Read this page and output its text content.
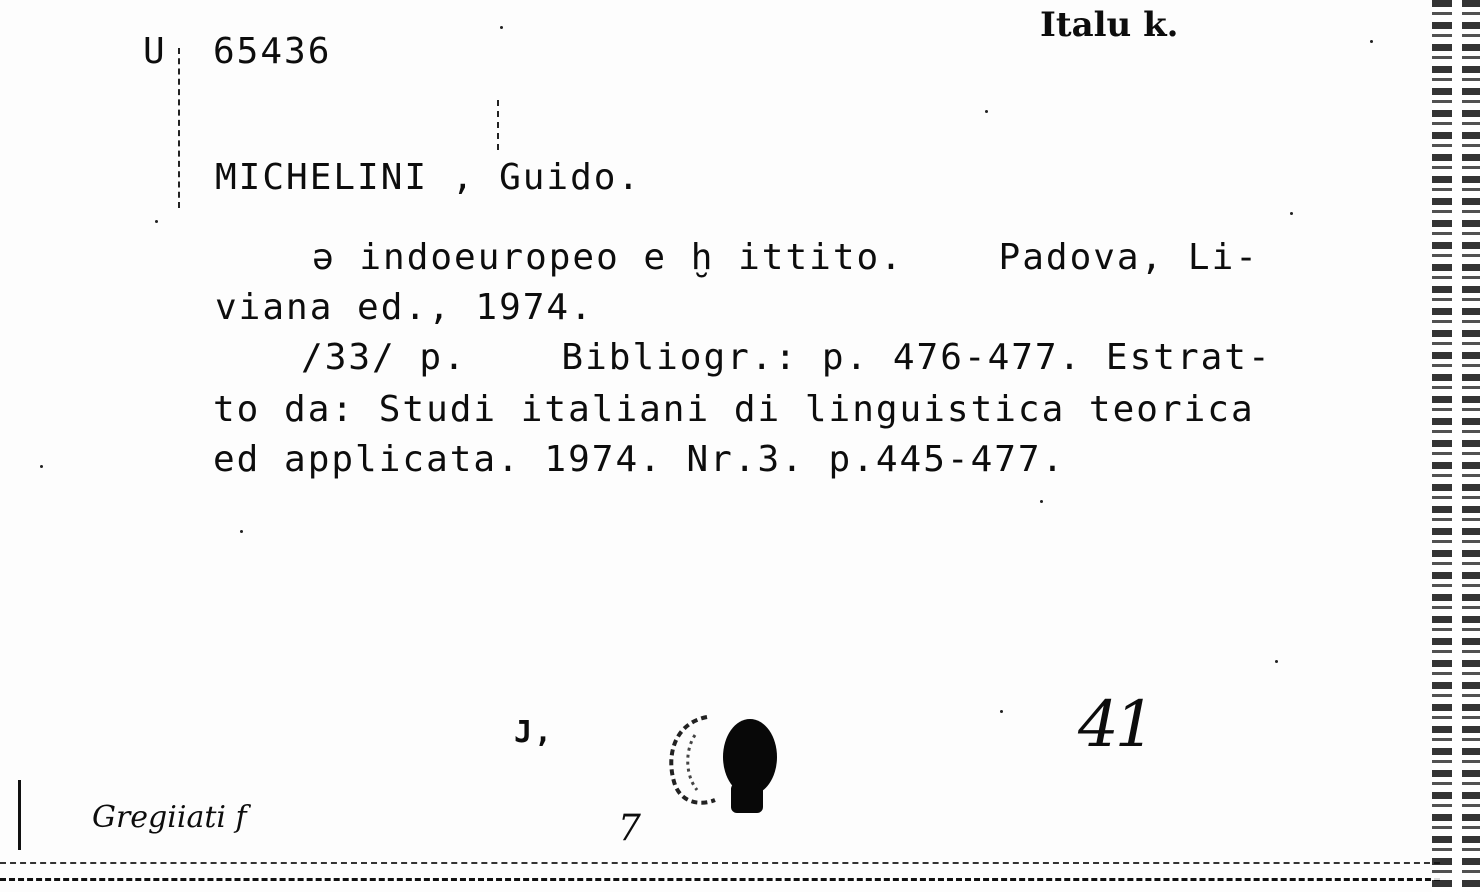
U 65436
Italu k.
MICHELINI , Guido.
ə indoeuropeo e ḫ ittito.    Padova, Li-
viana ed., 1974.
/33/ p.    Bibliogr.: p. 476-477. Estrat-
to da: Studi italiani di linguistica teorica
ed applicata. 1974. Nr.3. p.445-477.
J,	41
Gregiiati f	7
